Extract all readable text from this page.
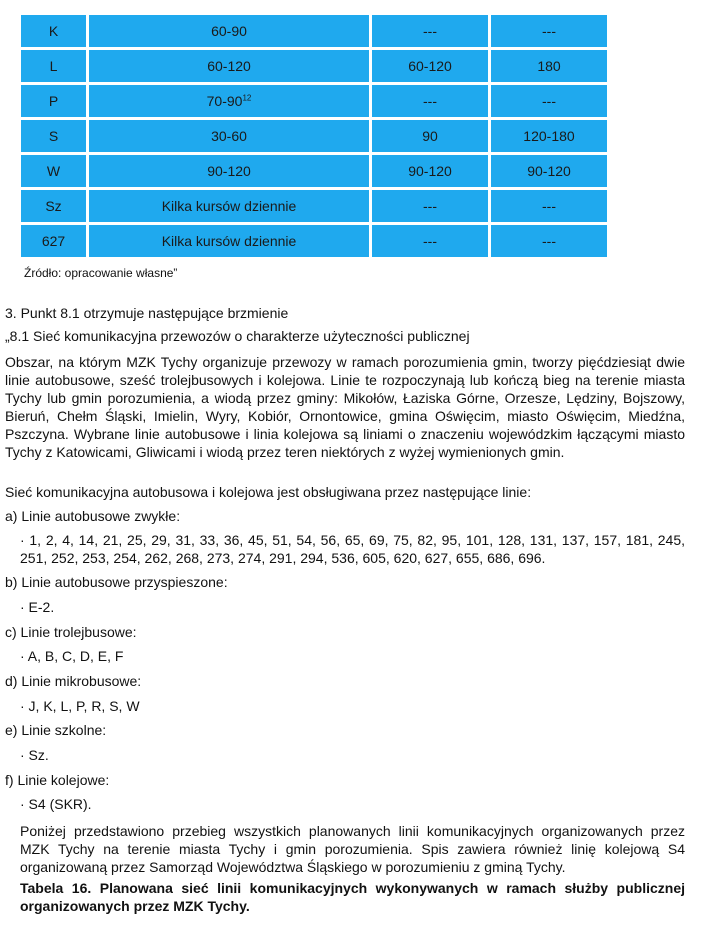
K	60-90	---	---
L	60-120	60-120	180
P	$70-90^{12}$	---	---
S	30-60	90	120-180
W	90-120	90-120	90-120
Sz	Kilka kursów dziennie	---	---
627	Kilka kursów dziennie	---	---
Źródło: opracowanie własne”
3. Punkt 8.1 otrzymuje następujące brzmienie
„8.1 Sieć komunikacyjna przewozów o charakterze użyteczności publicznej
Obszar, na którym MZK Tychy organizuje przewozy w ramach porozumienia gmin, tworzy pięćdziesiąt dwie linie autobusowe, sześć trolejbusowych i kolejowa. Linie te rozpoczynają lub kończą bieg na terenie miasta Tychy lub gmin porozumienia, a wiodą przez gminy: Mikołów, Łaziska Górne, Orzesze, Lędziny, Bojszowy, Bieruń, Chełm Śląski, Imielin, Wyry, Kobiór, Ornontowice, gmina Oświęcim, miasto Oświęcim, Miedźna, Pszczyna. Wybrane linie autobusowe i linia kolejowa są liniami o znaczeniu wojewódzkim łączącymi miasto Tychy z Katowicami, Gliwicami i wiodą przez teren niektórych z wyżej wymienionych gmin.
Sieć komunikacyjna autobusowa i kolejowa jest obsługiwana przez następujące linie:
a) Linie autobusowe zwykłe:
· 1, 2, 4, 14, 21, 25, 29, 31, 33, 36, 45, 51, 54, 56, 65, 69, 75, 82, 95, 101, 128, 131, 137, 157, 181, 245, 251, 252, 253, 254, 262, 268, 273, 274, 291, 294, 536, 605, 620, 627, 655, 686, 696.
b) Linie autobusowe przyspieszone:
· E-2.
c) Linie trolejbusowe:
· A, B, C, D, E, F
d) Linie mikrobusowe:
· J, K, L, P, R, S, W
e) Linie szkolne:
· Sz.
f) Linie kolejowe:
· S4 (SKR).
Poniżej przedstawiono przebieg wszystkich planowanych linii komunikacyjnych organizowanych przez MZK Tychy na terenie miasta Tychy i gmin porozumienia. Spis zawiera również linię kolejową S4 organizowaną przez Samorząd Województwa Śląskiego w porozumieniu z gminą Tychy.
Tabela 16. Planowana sieć linii komunikacyjnych wykonywanych w ramach służby publicznej organizowanych przez MZK Tychy.
